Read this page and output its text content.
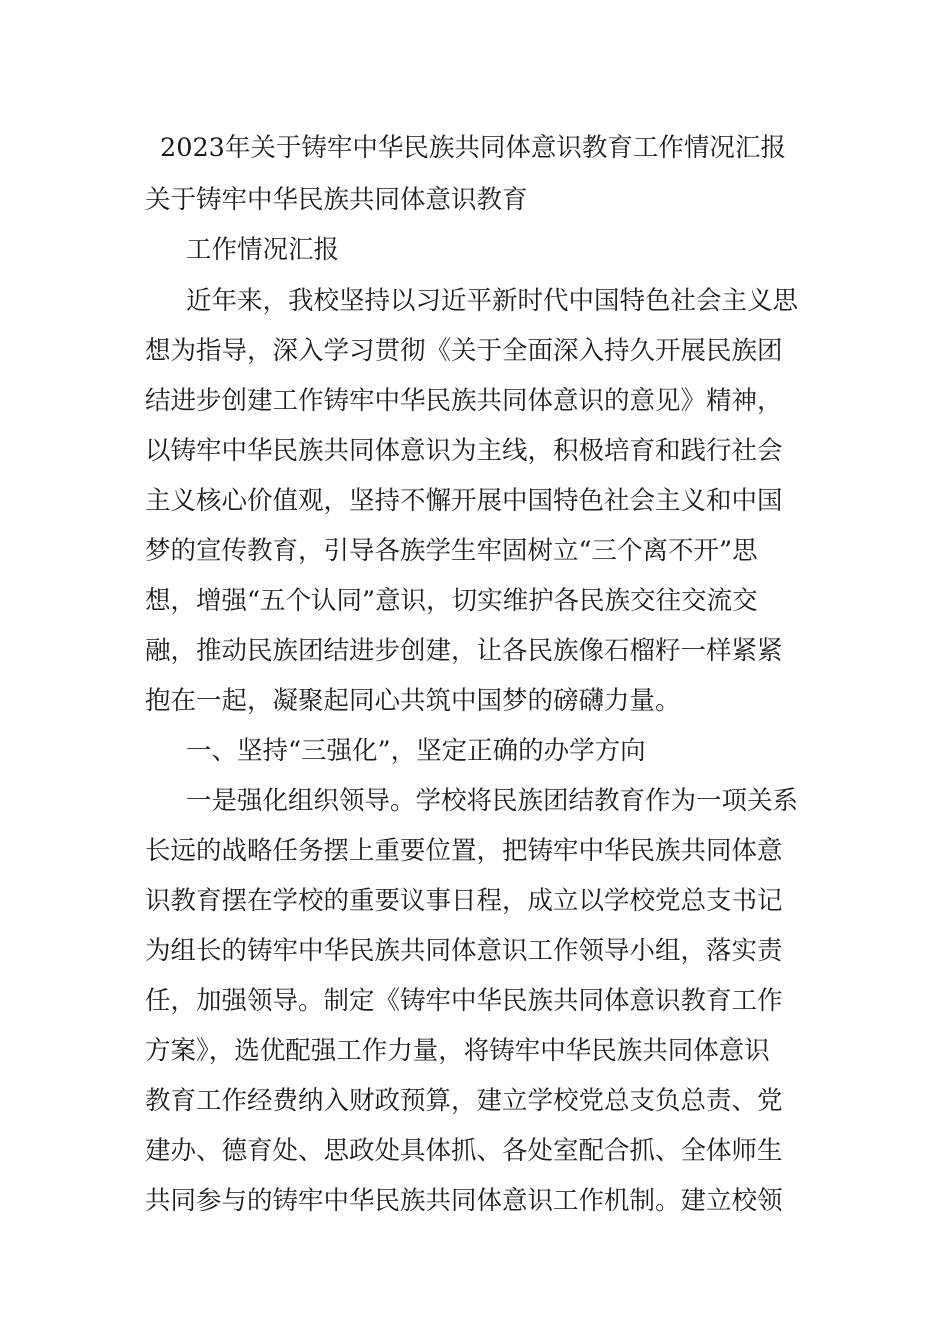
2023年关于铸牢中华民族共同体意识教育工作情况汇报
关于铸牢中华民族共同体意识教育
工作情况汇报
近年来，我校坚持以习近平新时代中国特色社会主义思
想为指导，深入学习贯彻《关于全面深入持久开展民族团
结进步创建工作铸牢中华民族共同体意识的意见》精神，
以铸牢中华民族共同体意识为主线，积极培育和践行社会
主义核心价值观，坚持不懈开展中国特色社会主义和中国
梦的宣传教育，引导各族学生牢固树立“三个离不开”思
想，增强“五个认同”意识，切实维护各民族交往交流交
融，推动民族团结进步创建，让各民族像石榴籽一样紧紧
抱在一起，凝聚起同心共筑中国梦的磅礴力量。
一、坚持“三强化”，坚定正确的办学方向
一是强化组织领导。学校将民族团结教育作为一项关系
长远的战略任务摆上重要位置，把铸牢中华民族共同体意
识教育摆在学校的重要议事日程，成立以学校党总支书记
为组长的铸牢中华民族共同体意识工作领导小组，落实责
任，加强领导。制定《铸牢中华民族共同体意识教育工作
方案》，选优配强工作力量，将铸牢中华民族共同体意识
教育工作经费纳入财政预算，建立学校党总支负总责、党
建办、德育处、思政处具体抓、各处室配合抓、全体师生
共同参与的铸牢中华民族共同体意识工作机制。建立校领
